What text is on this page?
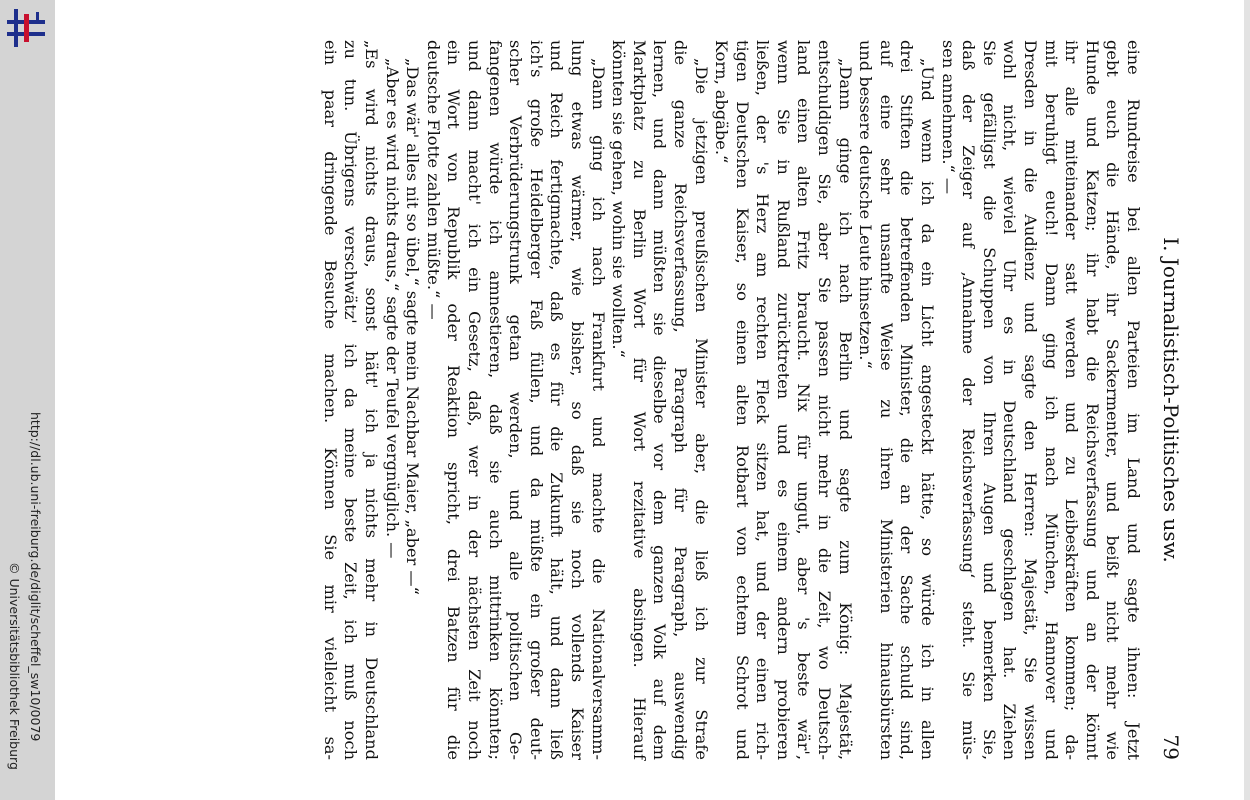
http://dl.ub.uni-freiburg.de/diglit/scheffel_sw10/0079
© Universitätsbibliothek Freiburg
I. Journalistisch-Politisches usw.
79
eine Rundreise bei allen Parteien im Land und sagte ihnen: Jetzt
gebt euch die Hände, ihr Sackermenter, und beißt nicht mehr wie
Hunde und Katzen; ihr habt die Reichsverfassung und an der könnt
ihr alle miteinander satt werden und zu Leibeskräften kommen; da-
mit beruhigt euch! Dann ging ich nach München, Hannover und
Dresden in die Audienz und sagte den Herren: Majestät, Sie wissen
wohl nicht, wieviel Uhr es in Deutschland geschlagen hat. Ziehen
Sie gefälligst die Schuppen von Ihren Augen und bemerken Sie,
daß der Zeiger auf ‚Annahme der Reichsverfassung‘ steht. Sie müs-
sen annehmen.“ —
„Und wenn ich da ein Licht angesteckt hätte, so würde ich in allen
drei Stiften die betreffenden Minister, die an der Sache schuld sind,
auf eine sehr unsanfte Weise zu ihren Ministerien hinausbürsten
und bessere deutsche Leute hinsetzen.“
„Dann ginge ich nach Berlin und sagte zum König: Majestät,
entschuldigen Sie, aber Sie passen nicht mehr in die Zeit, wo Deutsch-
land einen alten Fritz braucht. Nix für ungut, aber 's beste wär',
wenn Sie in Rußland zurücktreten und es einem andern probieren
ließen, der 's Herz am rechten Fleck sitzen hat, und der einen rich-
tigen Deutschen Kaiser, so einen alten Rotbart von echtem Schrot und
Korn, abgäbe.“
„Die jetzigen preußischen Minister aber, die ließ ich zur Strafe
die ganze Reichsverfassung, Paragraph für Paragraph, auswendig
lernen, und dann müßten sie dieselbe vor dem ganzen Volk auf dem
Marktplatz zu Berlin Wort für Wort rezitative absingen. Hierauf
könnten sie gehen, wohin sie wollten.“
„Dann ging ich nach Frankfurt und machte die Nationalversamm-
lung etwas wärmer, wie bisher, so daß sie noch vollends Kaiser
und Reich fertigmachte, daß es für die Zukunft hält, und dann ließ
ich's große Heidelberger Faß füllen, und da müßte ein großer deut-
scher Verbrüderungstrunk getan werden, und alle politischen Ge-
fangenen würde ich amnestieren, daß sie auch mittrinken könnten;
und dann macht' ich ein Gesetz, daß, wer in der nächsten Zeit noch
ein Wort von Republik oder Reaktion spricht, drei Batzen für die
deutsche Flotte zahlen müßte.“ —
„Das wär' alles nit so übel,“ sagte mein Nachbar Maier, „aber —“
„Aber es wird nichts draus,“ sagte der Teufel vergnüglich. —
„Es wird nichts draus, sonst hätt' ich ja nichts mehr in Deutschland
zu tun. Übrigens verschwätz' ich da meine beste Zeit, ich muß noch
ein paar dringende Besuche machen. Können Sie mir vielleicht sa-
